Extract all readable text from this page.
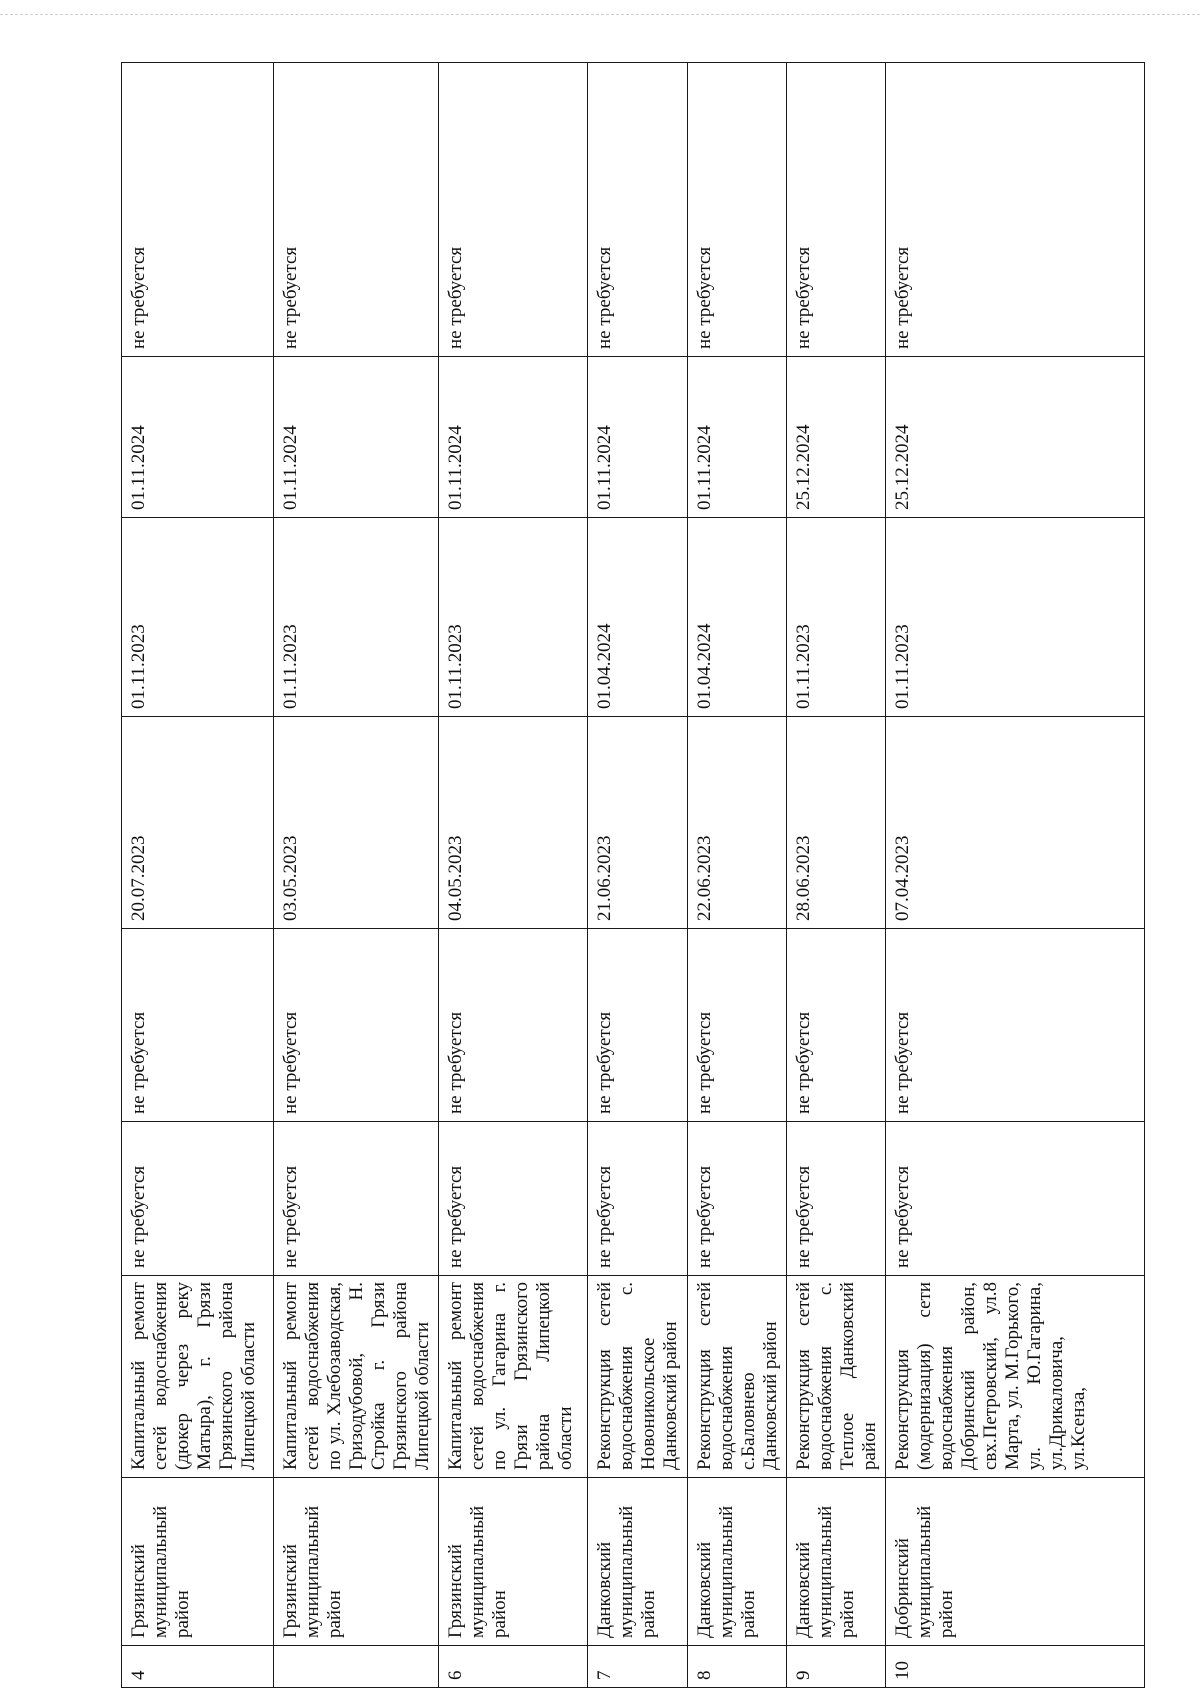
4	Грязинский муниципальный район	Капитальный ремонт сетей водоснабжения (дюкер через реку Матыра), г. Грязи Грязинского района Липецкой области	не требуется	не требуется	20.07.2023	01.11.2023	01.11.2024	не требуется
	Грязинский муниципальный район	Капитальный ремонт сетей водоснабжения по ул. Хлебозаводская, Гризодубовой, Н. Стройка г. Грязи Грязинского района Липецкой области	не требуется	не требуется	03.05.2023	01.11.2023	01.11.2024	не требуется
6	Грязинский муниципальный район	Капитальный ремонт сетей водоснабжения по ул. Гагарина г. Грязи Грязинского района Липецкой области	не требуется	не требуется	04.05.2023	01.11.2023	01.11.2024	не требуется
7	Данковский муниципальный район	Реконструкция сетей водоснабжения с. Новоникольское Данковский район	не требуется	не требуется	21.06.2023	01.04.2024	01.11.2024	не требуется
8	Данковский муниципальный район	Реконструкция сетей водоснабжения с.Баловнево Данковский район	не требуется	не требуется	22.06.2023	01.04.2024	01.11.2024	не требуется
9	Данковский муниципальный район	Реконструкция сетей водоснабжения с. Теплое Данковский район	не требуется	не требуется	28.06.2023	01.11.2023	25.12.2024	не требуется
10	Добринский муниципальный район	Реконструкция (модернизация) сети водоснабжения Добринский район, свх.Петровский, ул.8 Марта, ул. М.Горького, ул. Ю.Гагарина, ул.Дрикаловича, ул.Ксенза,	не требуется	не требуется	07.04.2023	01.11.2023	25.12.2024	не требуется
